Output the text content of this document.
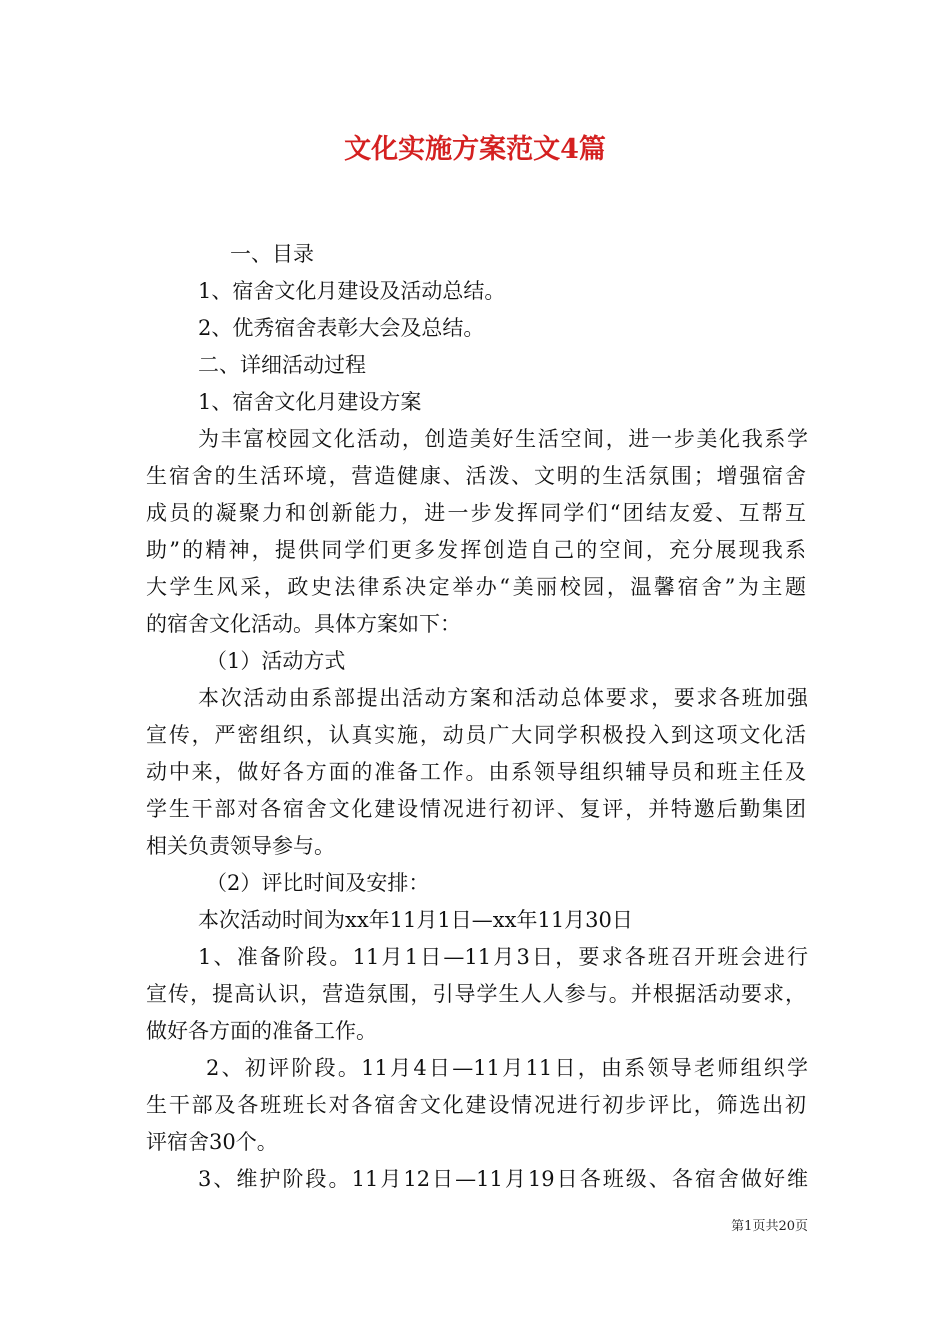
文化实施方案范文4篇
一、目录
1、宿舍文化月建设及活动总结。
2、优秀宿舍表彰大会及总结。
二、详细活动过程
1、宿舍文化月建设方案
为丰富校园文化活动，创造美好生活空间，进一步美化我系学
生宿舍的生活环境，营造健康、活泼、文明的生活氛围；增强宿舍
成员的凝聚力和创新能力，进一步发挥同学们“团结友爱、互帮互
助”的精神，提供同学们更多发挥创造自己的空间，充分展现我系
大学生风采，政史法律系决定举办“美丽校园，温馨宿舍”为主题
的宿舍文化活动。具体方案如下：
（1）活动方式
本次活动由系部提出活动方案和活动总体要求，要求各班加强
宣传，严密组织，认真实施，动员广大同学积极投入到这项文化活
动中来，做好各方面的准备工作。由系领导组织辅导员和班主任及
学生干部对各宿舍文化建设情况进行初评、复评，并特邀后勤集团
相关负责领导参与。
（2）评比时间及安排：
本次活动时间为xx年11月1日—xx年11月30日
1、准备阶段。11月1日—11月3日，要求各班召开班会进行
宣传，提高认识，营造氛围，引导学生人人参与。并根据活动要求，
做好各方面的准备工作。
2、初评阶段。11月4日—11月11日，由系领导老师组织学
生干部及各班班长对各宿舍文化建设情况进行初步评比，筛选出初
评宿舍30个。
3、维护阶段。11月12日—11月19日各班级、各宿舍做好维
第1页共20页
